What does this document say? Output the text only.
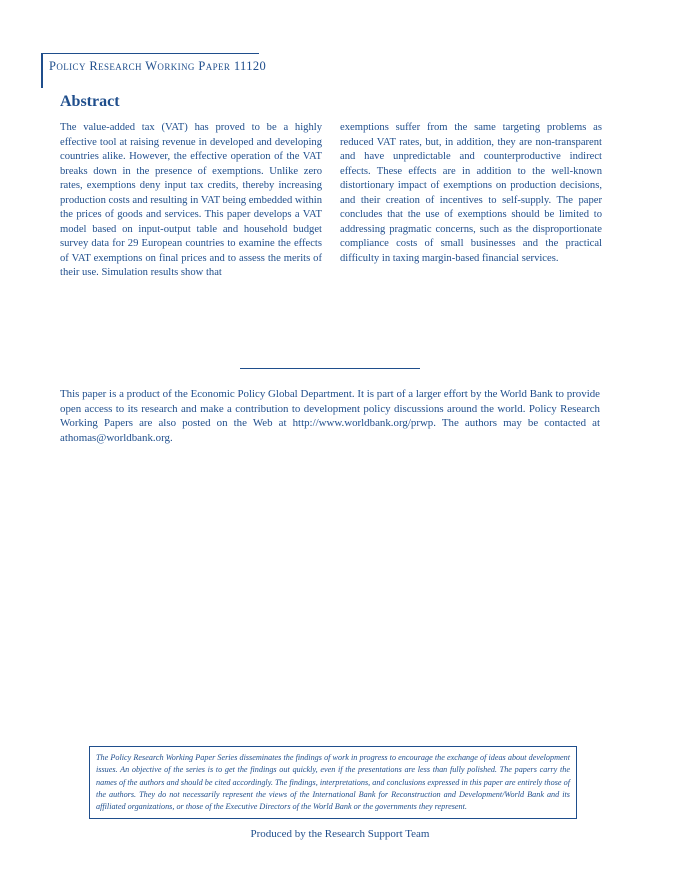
Policy Research Working Paper 11120
Abstract

The value-added tax (VAT) has proved to be a highly effective tool at raising revenue in developed and developing countries alike. However, the effective operation of the VAT breaks down in the presence of exemptions. Unlike zero rates, exemptions deny input tax credits, thereby increasing production costs and resulting in VAT being embedded within the prices of goods and services. This paper develops a VAT model based on input-output table and household budget survey data for 29 European countries to examine the effects of VAT exemptions on final prices and to assess the merits of their use. Simulation results show that

exemptions suffer from the same targeting problems as reduced VAT rates, but, in addition, they are non-transparent and have unpredictable and counterproductive indirect effects. These effects are in addition to the well-known distortionary impact of exemptions on production decisions, and their creation of incentives to self-supply. The paper concludes that the use of exemptions should be limited to addressing pragmatic concerns, such as the disproportionate compliance costs of small businesses and the practical difficulty in taxing margin-based financial services.

This paper is a product of the Economic Policy Global Department. It is part of a larger effort by the World Bank to provide open access to its research and make a contribution to development policy discussions around the world. Policy Research Working Papers are also posted on the Web at http://www.worldbank.org/prwp. The authors may be contacted at athomas@worldbank.org.

The Policy Research Working Paper Series disseminates the findings of work in progress to encourage the exchange of ideas about development issues. An objective of the series is to get the findings out quickly, even if the presentations are less than fully polished. The papers carry the names of the authors and should be cited accordingly. The findings, interpretations, and conclusions expressed in this paper are entirely those of the authors. They do not necessarily represent the views of the International Bank for Reconstruction and Development/World Bank and its affiliated organizations, or those of the Executive Directors of the World Bank or the governments they represent.

Produced by the Research Support Team
